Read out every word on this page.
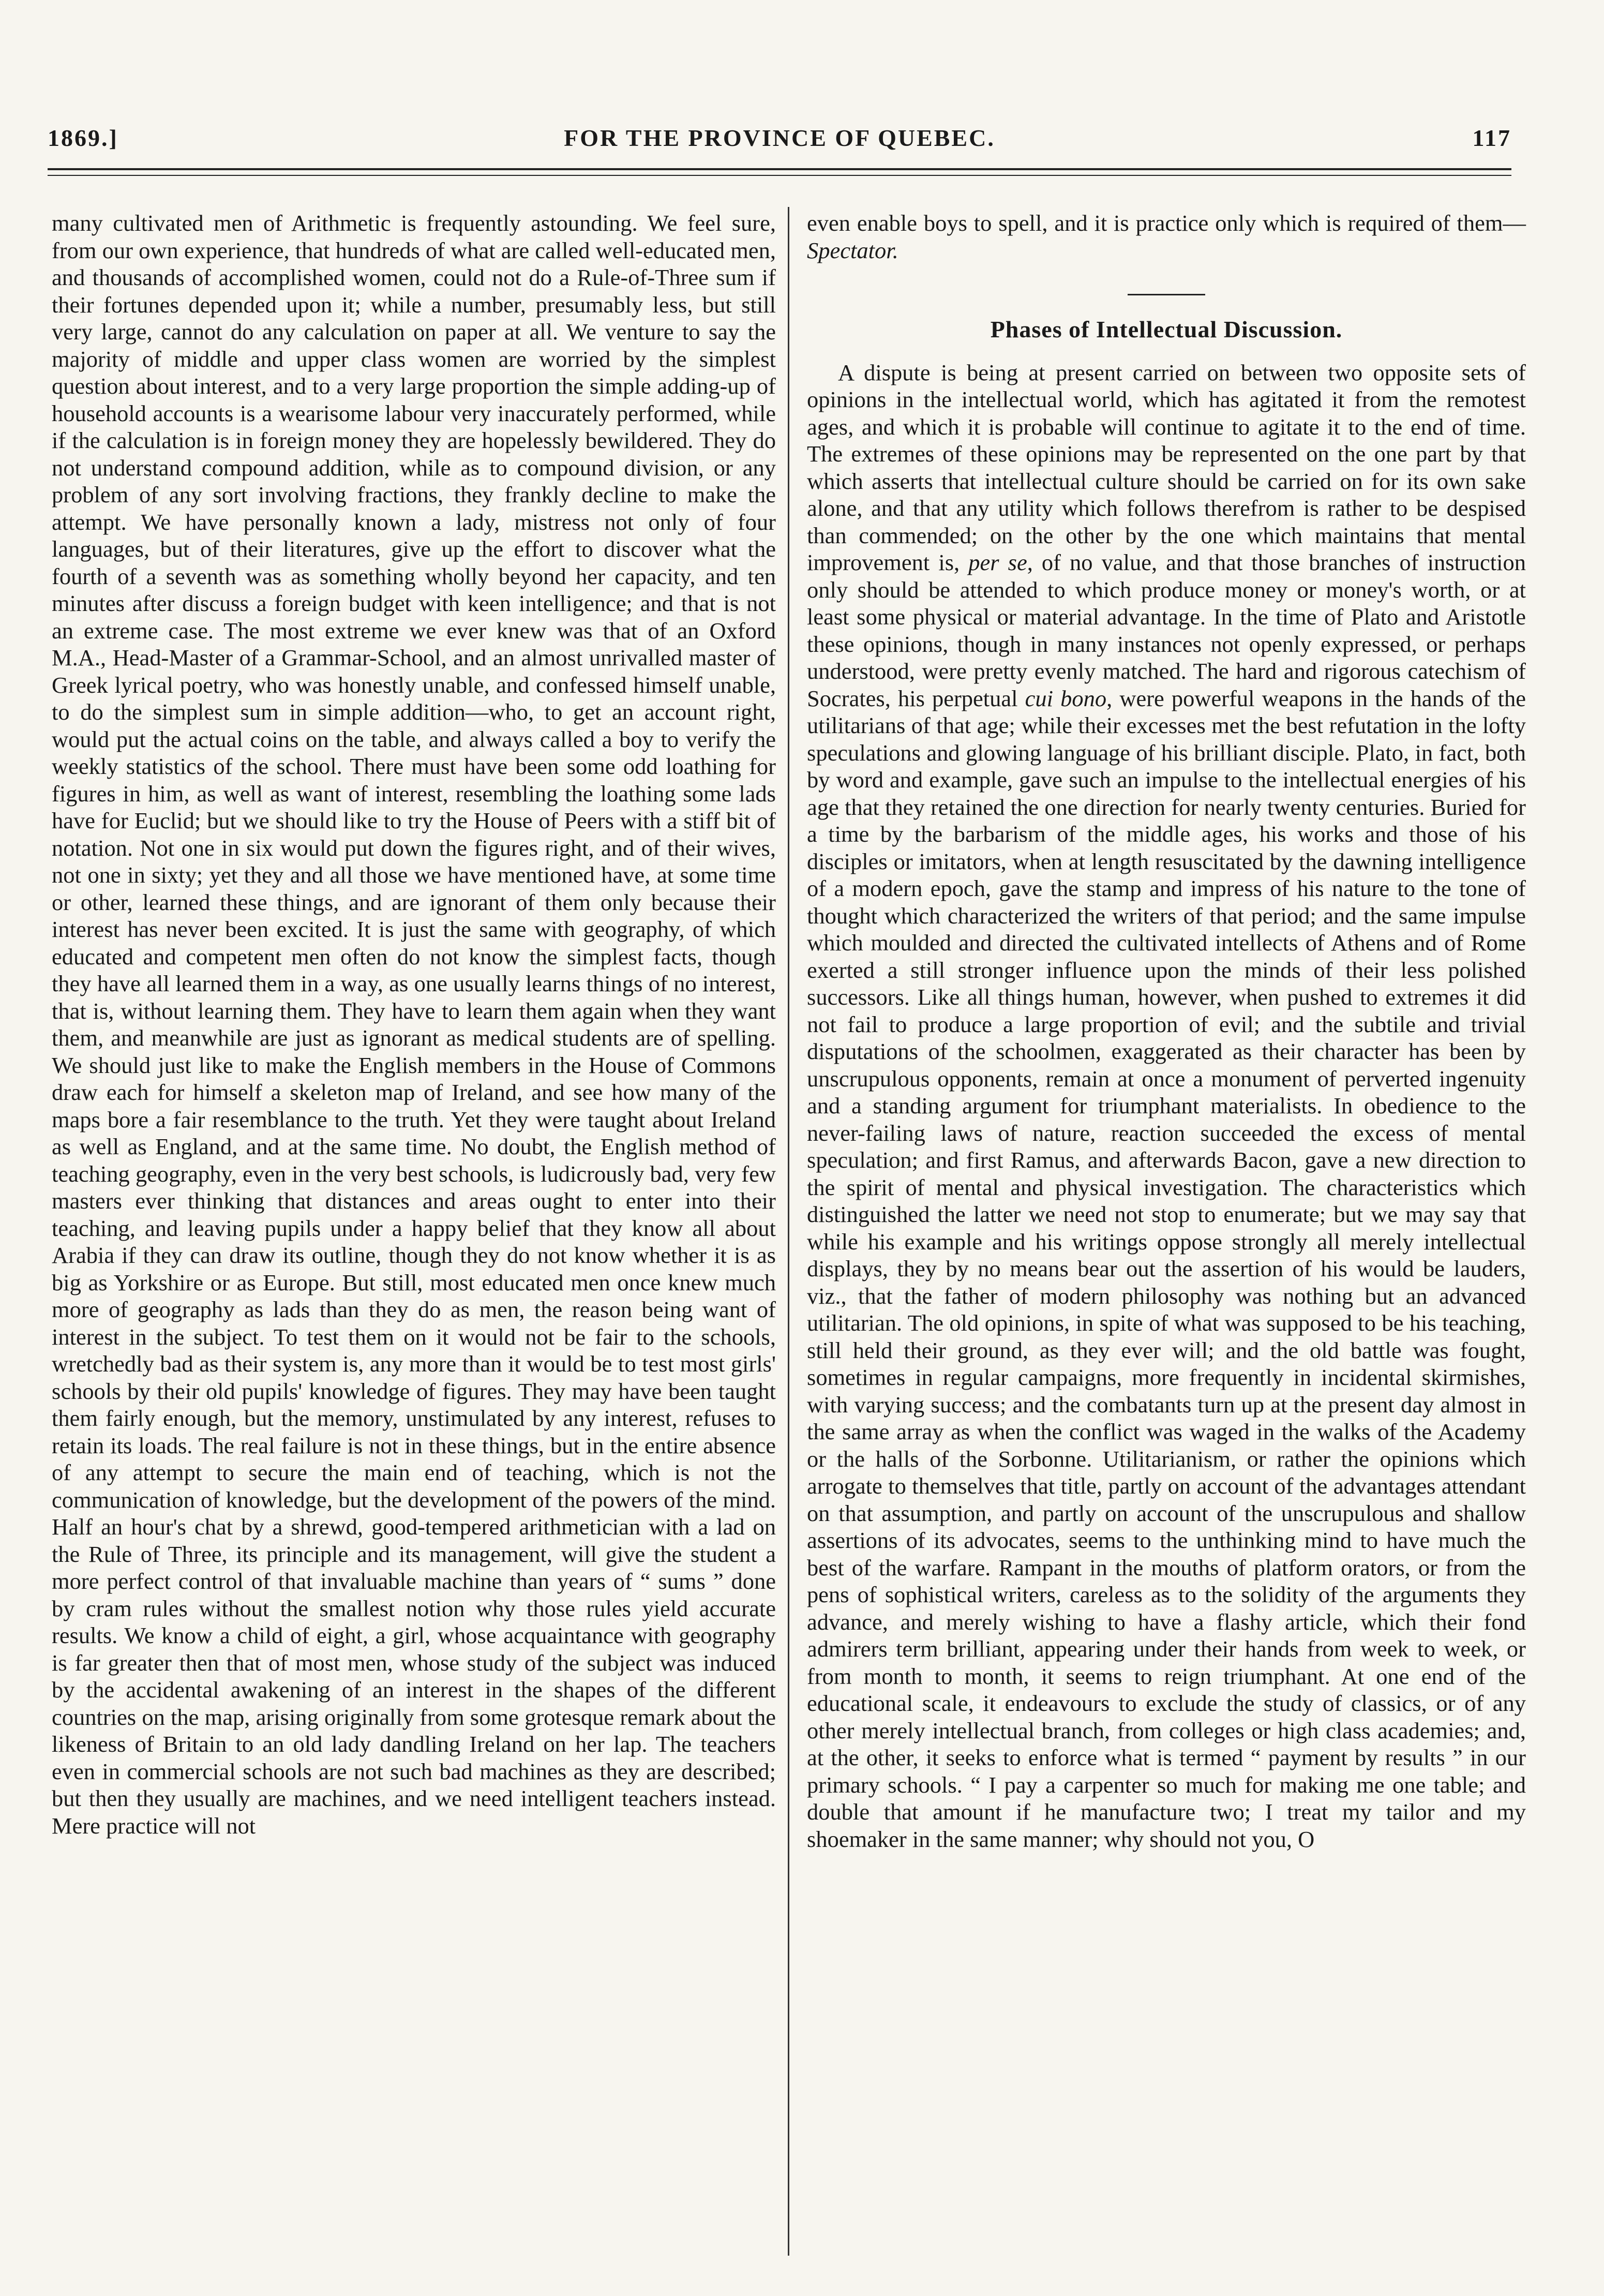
FOR THE PROVINCE OF QUEBEC.
1869.]	117

many cultivated men of Arithmetic is frequently astounding. We feel sure, from our own experience, that hundreds of what are called well-educated men, and thousands of accomplished women, could not do a Rule-of-Three sum if their fortunes depended upon it; while a number, presumably less, but still very large, cannot do any calculation on paper at all. We venture to say the majority of middle and upper class women are worried by the simplest question about interest, and to a very large proportion the simple adding-up of household accounts is a wearisome labour very inaccurately performed, while if the calculation is in foreign money they are hopelessly bewildered. They do not understand compound addition, while as to compound division, or any problem of any sort involving fractions, they frankly decline to make the attempt. We have personally known a lady, mistress not only of four languages, but of their literatures, give up the effort to discover what the fourth of a seventh was as something wholly beyond her capacity, and ten minutes after discuss a foreign budget with keen intelligence; and that is not an extreme case. The most extreme we ever knew was that of an Oxford M.A., Head-Master of a Grammar-School, and an almost unrivalled master of Greek lyrical poetry, who was honestly unable, and confessed himself unable, to do the simplest sum in simple addition—who, to get an account right, would put the actual coins on the table, and always called a boy to verify the weekly statistics of the school. There must have been some odd loathing for figures in him, as well as want of interest, resembling the loathing some lads have for Euclid; but we should like to try the House of Peers with a stiff bit of notation. Not one in six would put down the figures right, and of their wives, not one in sixty; yet they and all those we have mentioned have, at some time or other, learned these things, and are ignorant of them only because their interest has never been excited. It is just the same with geography, of which educated and competent men often do not know the simplest facts, though they have all learned them in a way, as one usually learns things of no interest, that is, without learning them. They have to learn them again when they want them, and meanwhile are just as ignorant as medical students are of spelling. We should just like to make the English members in the House of Commons draw each for himself a skeleton map of Ireland, and see how many of the maps bore a fair resemblance to the truth. Yet they were taught about Ireland as well as England, and at the same time. No doubt, the English method of teaching geography, even in the very best schools, is ludicrously bad, very few masters ever thinking that distances and areas ought to enter into their teaching, and leaving pupils under a happy belief that they know all about Arabia if they can draw its outline, though they do not know whether it is as big as Yorkshire or as Europe. But still, most educated men once knew much more of geography as lads than they do as men, the reason being want of interest in the subject. To test them on it would not be fair to the schools, wretchedly bad as their system is, any more than it would be to test most girls' schools by their old pupils' knowledge of figures. They may have been taught them fairly enough, but the memory, unstimulated by any interest, refuses to retain its loads. The real failure is not in these things, but in the entire absence of any attempt to secure the main end of teaching, which is not the communication of knowledge, but the development of the powers of the mind. Half an hour's chat by a shrewd, good-tempered arithmetician with a lad on the Rule of Three, its principle and its management, will give the student a more perfect control of that invaluable machine than years of “ sums ” done by cram rules without the smallest notion why those rules yield accurate results. We know a child of eight, a girl, whose acquaintance with geography is far greater then that of most men, whose study of the subject was induced by the accidental awakening of an interest in the shapes of the different countries on the map, arising originally from some grotesque remark about the likeness of Britain to an old lady dandling Ireland on her lap. The teachers even in commercial schools are not such bad machines as they are described; but then they usually are machines, and we need intelligent teachers instead. Mere practice will not

even enable boys to spell, and it is practice only which is required of them—Spectator.

Phases of Intellectual Discussion.

A dispute is being at present carried on between two opposite sets of opinions in the intellectual world, which has agitated it from the remotest ages, and which it is probable will continue to agitate it to the end of time. The extremes of these opinions may be represented on the one part by that which asserts that intellectual culture should be carried on for its own sake alone, and that any utility which follows therefrom is rather to be despised than commended; on the other by the one which maintains that mental improvement is, per se, of no value, and that those branches of instruction only should be attended to which produce money or money's worth, or at least some physical or material advantage. In the time of Plato and Aristotle these opinions, though in many instances not openly expressed, or perhaps understood, were pretty evenly matched. The hard and rigorous catechism of Socrates, his perpetual cui bono, were powerful weapons in the hands of the utilitarians of that age; while their excesses met the best refutation in the lofty speculations and glowing language of his brilliant disciple. Plato, in fact, both by word and example, gave such an impulse to the intellectual energies of his age that they retained the one direction for nearly twenty centuries. Buried for a time by the barbarism of the middle ages, his works and those of his disciples or imitators, when at length resuscitated by the dawning intelligence of a modern epoch, gave the stamp and impress of his nature to the tone of thought which characterized the writers of that period; and the same impulse which moulded and directed the cultivated intellects of Athens and of Rome exerted a still stronger influence upon the minds of their less polished successors. Like all things human, however, when pushed to extremes it did not fail to produce a large proportion of evil; and the subtile and trivial disputations of the schoolmen, exaggerated as their character has been by unscrupulous opponents, remain at once a monument of perverted ingenuity and a standing argument for triumphant materialists. In obedience to the never-failing laws of nature, reaction succeeded the excess of mental speculation; and first Ramus, and afterwards Bacon, gave a new direction to the spirit of mental and physical investigation. The characteristics which distinguished the latter we need not stop to enumerate; but we may say that while his example and his writings oppose strongly all merely intellectual displays, they by no means bear out the assertion of his would be lauders, viz., that the father of modern philosophy was nothing but an advanced utilitarian. The old opinions, in spite of what was supposed to be his teaching, still held their ground, as they ever will; and the old battle was fought, sometimes in regular campaigns, more frequently in incidental skirmishes, with varying success; and the combatants turn up at the present day almost in the same array as when the conflict was waged in the walks of the Academy or the halls of the Sorbonne. Utilitarianism, or rather the opinions which arrogate to themselves that title, partly on account of the advantages attendant on that assumption, and partly on account of the unscrupulous and shallow assertions of its advocates, seems to the unthinking mind to have much the best of the warfare. Rampant in the mouths of platform orators, or from the pens of sophistical writers, careless as to the solidity of the arguments they advance, and merely wishing to have a flashy article, which their fond admirers term brilliant, appearing under their hands from week to week, or from month to month, it seems to reign triumphant. At one end of the educational scale, it endeavours to exclude the study of classics, or of any other merely intellectual branch, from colleges or high class academies; and, at the other, it seeks to enforce what is termed “ payment by results ” in our primary schools. “ I pay a carpenter so much for making me one table; and double that amount if he manufacture two; I treat my tailor and my shoemaker in the same manner; why should not you, O
